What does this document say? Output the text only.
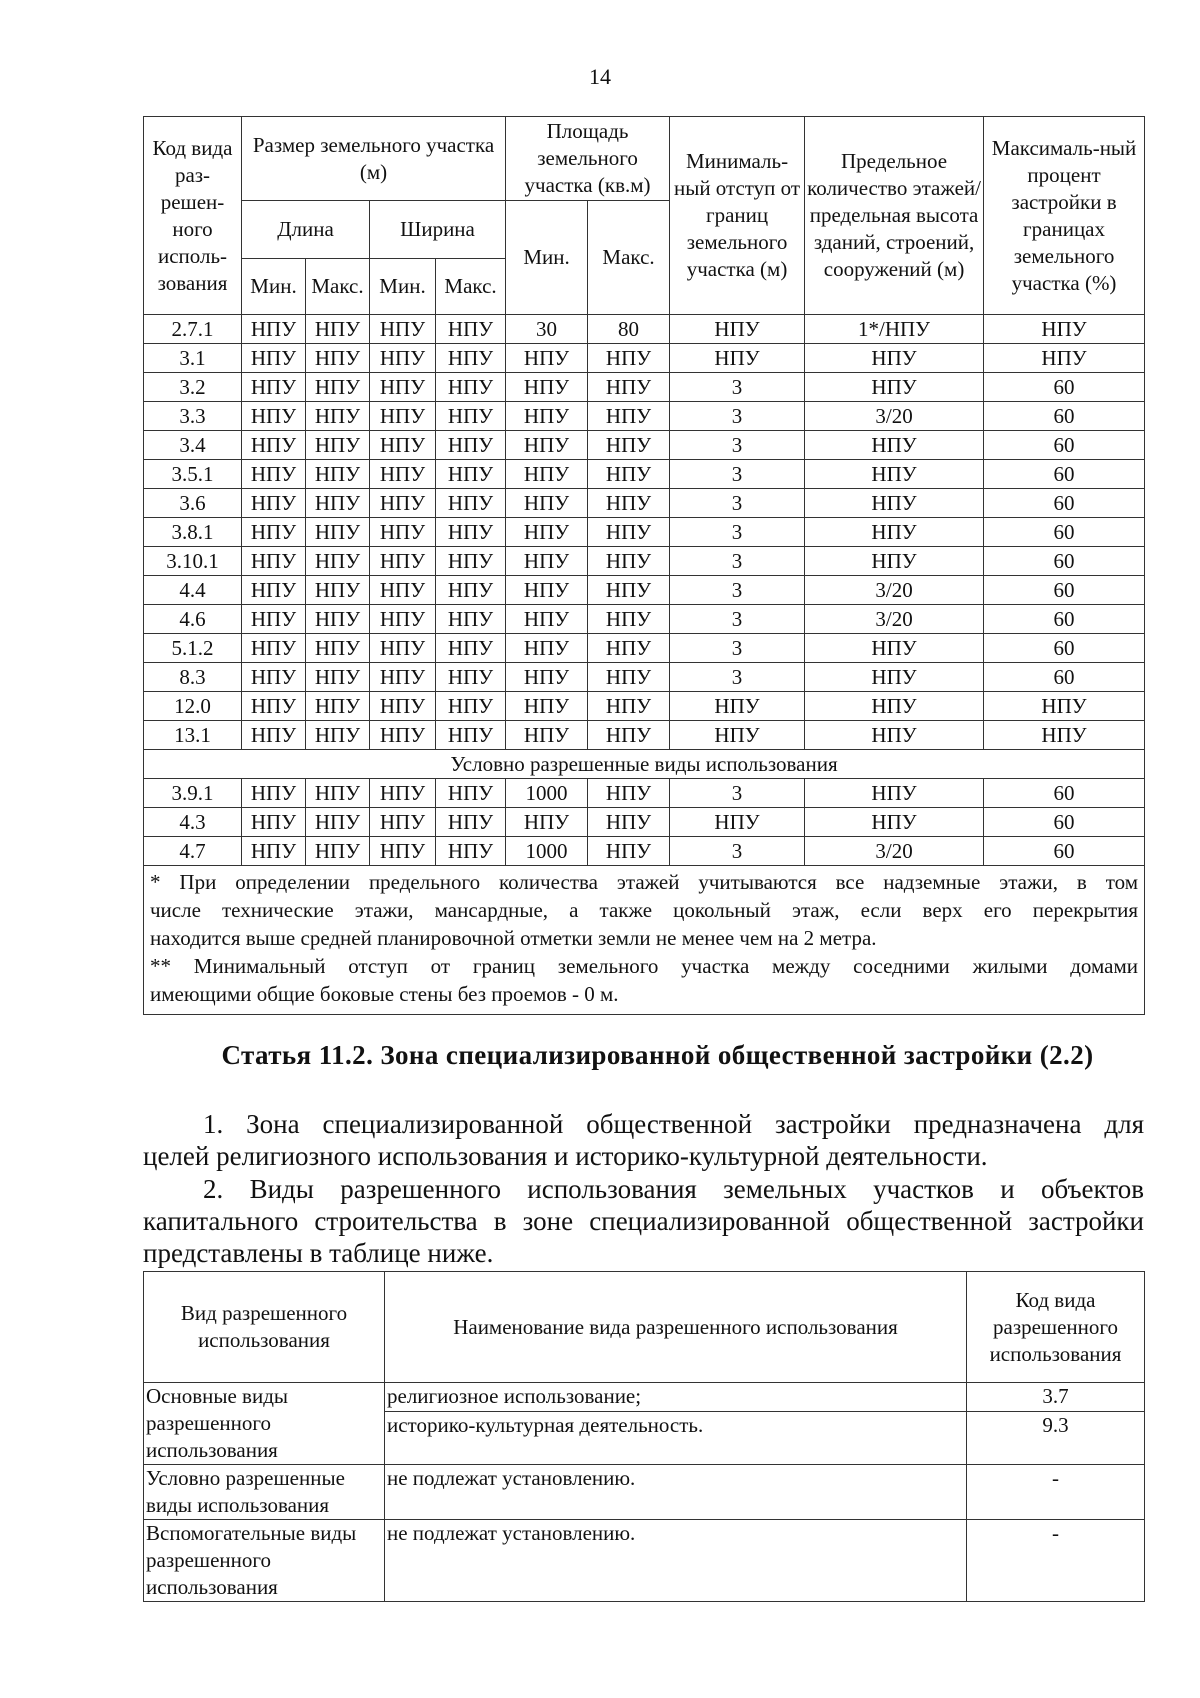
14
Код вида раз-решен-ного исполь-зования	Размер земельного участка (м)				Площадь земельного участка (кв.м)		Минималь-ный отступ от границ земельного участка (м)	Предельное количество этажей/ предельная высота зданий, строений, сооружений (м)	Максималь-ный процент застройки в границах земельного участка (%)
	Длина		Ширина		Мин.	Макс.			
	Мин.	Макс.	Мин.	Макс.					
2.7.1	НПУ	НПУ	НПУ	НПУ	30	80	НПУ	1*/НПУ	НПУ
3.1	НПУ	НПУ	НПУ	НПУ	НПУ	НПУ	НПУ	НПУ	НПУ
3.2	НПУ	НПУ	НПУ	НПУ	НПУ	НПУ	3	НПУ	60
3.3	НПУ	НПУ	НПУ	НПУ	НПУ	НПУ	3	3/20	60
3.4	НПУ	НПУ	НПУ	НПУ	НПУ	НПУ	3	НПУ	60
3.5.1	НПУ	НПУ	НПУ	НПУ	НПУ	НПУ	3	НПУ	60
3.6	НПУ	НПУ	НПУ	НПУ	НПУ	НПУ	3	НПУ	60
3.8.1	НПУ	НПУ	НПУ	НПУ	НПУ	НПУ	3	НПУ	60
3.10.1	НПУ	НПУ	НПУ	НПУ	НПУ	НПУ	3	НПУ	60
4.4	НПУ	НПУ	НПУ	НПУ	НПУ	НПУ	3	3/20	60
4.6	НПУ	НПУ	НПУ	НПУ	НПУ	НПУ	3	3/20	60
5.1.2	НПУ	НПУ	НПУ	НПУ	НПУ	НПУ	3	НПУ	60
8.3	НПУ	НПУ	НПУ	НПУ	НПУ	НПУ	3	НПУ	60
12.0	НПУ	НПУ	НПУ	НПУ	НПУ	НПУ	НПУ	НПУ	НПУ
13.1	НПУ	НПУ	НПУ	НПУ	НПУ	НПУ	НПУ	НПУ	НПУ
Условно разрешенные виды использования									
3.9.1	НПУ	НПУ	НПУ	НПУ	1000	НПУ	3	НПУ	60
4.3	НПУ	НПУ	НПУ	НПУ	НПУ	НПУ	НПУ	НПУ	60
4.7	НПУ	НПУ	НПУ	НПУ	1000	НПУ	3	3/20	60

* При определении предельного количества этажей учитываются все надземные этажи, в том
числе технические этажи, мансардные, а также цокольный этаж, если верх его перекрытия
находится выше средней планировочной отметки земли не менее чем на 2 метра.
** Минимальный отступ от границ земельного участка между соседними жилыми домами
имеющими общие боковые стены без проемов - 0 м.									
Статья 11.2. Зона специализированной общественной застройки (2.2)
1. Зона специализированной общественной застройки предназначена для
целей религиозного использования и историко-культурной деятельности.
2. Виды разрешенного использования земельных участков и объектов
капитального строительства в зоне специализированной общественной застройки
представлены в таблице ниже.
Вид разрешенного использования	Наименование вида разрешенного использования	Код вида разрешенного использования
Основные виды разрешенного использования	религиозное использование;	3.7
	историко-культурная деятельность.	9.3
Условно разрешенные виды использования	не подлежат установлению.	-
Вспомогательные виды разрешенного использования	не подлежат установлению.	-
